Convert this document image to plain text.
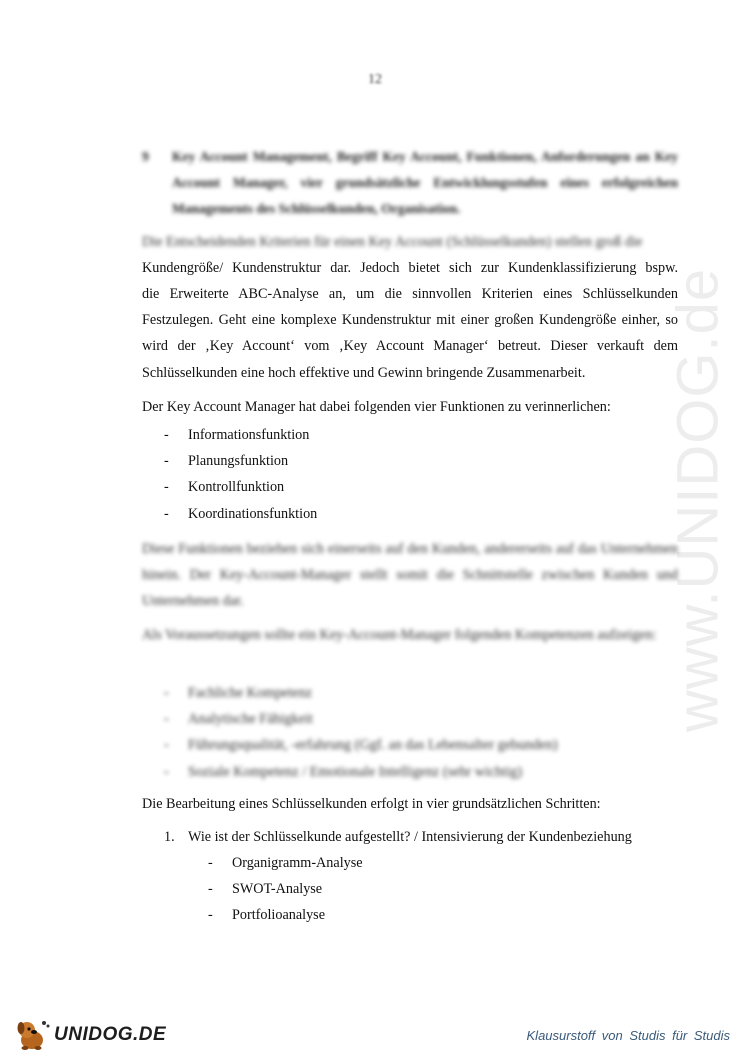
www.UNIDOG.de
12
9 Key Account Management, Begriff Key Account, Funktionen, Anforderungen an Key Account Manager, vier grundsätzliche Entwicklungsstufen eines erfolgreichen Managements des Schlüsselkunden, Organisation.
Die Entscheidenden Kriterien für einen Key Account (Schlüsselkunden) stellen groß die
Kundengröße/ Kundenstruktur dar. Jedoch bietet sich zur Kundenklassifizierung bspw.

die Erweiterte ABC-Analyse an, um die sinnvollen Kriterien eines Schlüsselkunden Festzulegen. Geht eine komplexe Kundenstruktur mit einer großen Kundengröße einher, so wird der ‚Key Account‘ vom ‚Key Account Manager‘ betreut. Dieser verkauft dem Schlüsselkunden eine hoch effektive und Gewinn bringende Zusammenarbeit.

Der Key Account Manager hat dabei folgenden vier Funktionen zu verinnerlichen:

- Informationsfunktion
- Planungsfunktion
- Kontrollfunktion
- Koordinationsfunktion

Diese Funktionen beziehen sich einerseits auf den Kunden, andererseits auf das Unternehmen hinein. Der Key-Account-Manager stellt somit die Schnittstelle zwischen Kunden und Unternehmen dar.

Als Voraussetzungen sollte ein Key-Account-Manager folgenden Kompetenzen aufzeigen:

- Fachliche Kompetenz
- Analytische Fähigkeit
- Führungsqualität, -erfahrung (Ggf. an das Lebensalter gebunden)
- Soziale Kompetenz / Emotionale Intelligenz (sehr wichtig)

Die Bearbeitung eines Schlüsselkunden erfolgt in vier grundsätzlichen Schritten:

1. Wie ist der Schlüsselkunde aufgestellt? / Intensivierung der Kundenbeziehung
- Organigramm-Analyse
- SWOT-Analyse
- Portfolioanalyse
UNIDOG.DE	Klausurstoff von Studis für Studis
